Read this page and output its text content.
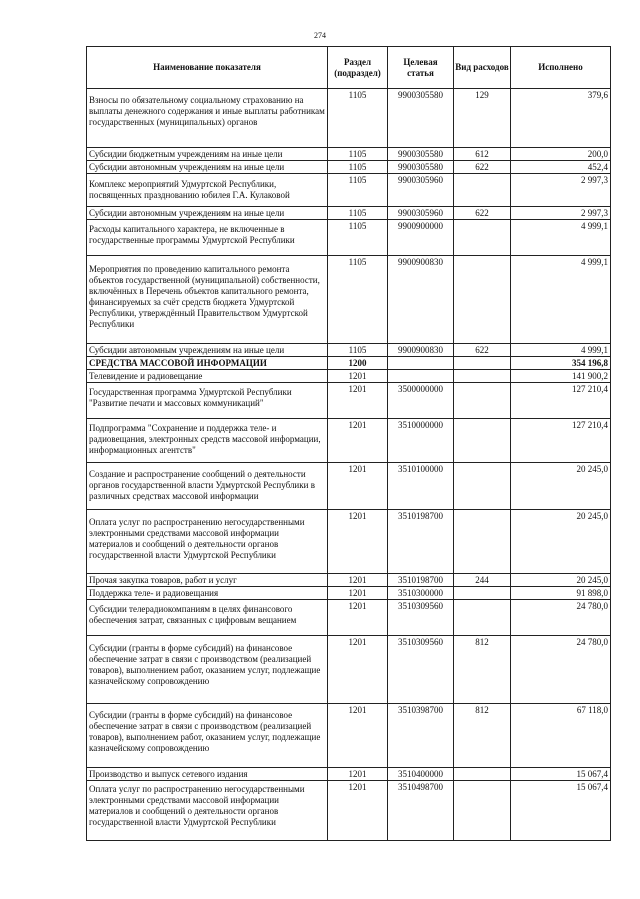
274
Наименование показателя	Раздел (подраздел)	Целевая статья	Вид расходов	Исполнено
Взносы по обязательному социальному страхованию на выплаты денежного содержания и иные выплаты работникам государственных (муниципальных) органов	1105	9900305580	129	379,6
Субсидии бюджетным учреждениям на иные цели	1105	9900305580	612	200,0
Субсидии автономным учреждениям на иные цели	1105	9900305580	622	452,4
Комплекс мероприятий Удмуртской Республики, посвященных празднованию юбилея Г.А. Кулаковой	1105	9900305960		2 997,3
Субсидии автономным учреждениям на иные цели	1105	9900305960	622	2 997,3
Расходы капитального характера, не включенные в государственные программы Удмуртской Республики	1105	9900900000		4 999,1
Мероприятия по проведению капитального ремонта объектов государственной (муниципальной) собственности, включённых в Перечень объектов капитального ремонта, финансируемых за счёт средств бюджета Удмуртской Республики, утверждённый Правительством Удмуртской Республики	1105	9900900830		4 999,1
Субсидии автономным учреждениям на иные цели	1105	9900900830	622	4 999,1
СРЕДСТВА МАССОВОЙ ИНФОРМАЦИИ	1200			354 196,8
Телевидение и радиовещание	1201			141 900,2
Государственная программа Удмуртской Республики "Развитие печати и массовых коммуникаций"	1201	3500000000		127 210,4
Подпрограмма "Сохранение и поддержка теле- и радиовещания, электронных средств массовой информации, информационных агентств"	1201	3510000000		127 210,4
Создание и распространение сообщений о деятельности органов государственной власти Удмуртской Республики в различных средствах массовой информации	1201	3510100000		20 245,0
Оплата услуг по распространению негосударственными электронными средствами массовой информации материалов и сообщений о деятельности органов государственной власти Удмуртской Республики	1201	3510198700		20 245,0
Прочая закупка товаров, работ и услуг	1201	3510198700	244	20 245,0
Поддержка теле- и радиовещания	1201	3510300000		91 898,0
Субсидии телерадиокомпаниям в целях финансового обеспечения затрат, связанных с цифровым вещанием	1201	3510309560		24 780,0
Субсидии (гранты в форме субсидий) на финансовое обеспечение затрат в связи с производством (реализацией товаров), выполнением работ, оказанием услуг, подлежащие казначейскому сопровождению	1201	3510309560	812	24 780,0
Субсидии (гранты в форме субсидий) на финансовое обеспечение затрат в связи с производством (реализацией товаров), выполнением работ, оказанием услуг, подлежащие казначейскому сопровождению	1201	3510398700	812	67 118,0
Производство и выпуск сетевого издания	1201	3510400000		15 067,4
Оплата услуг по распространению негосударственными электронными средствами массовой информации материалов и сообщений о деятельности органов государственной власти Удмуртской Республики	1201	3510498700		15 067,4
